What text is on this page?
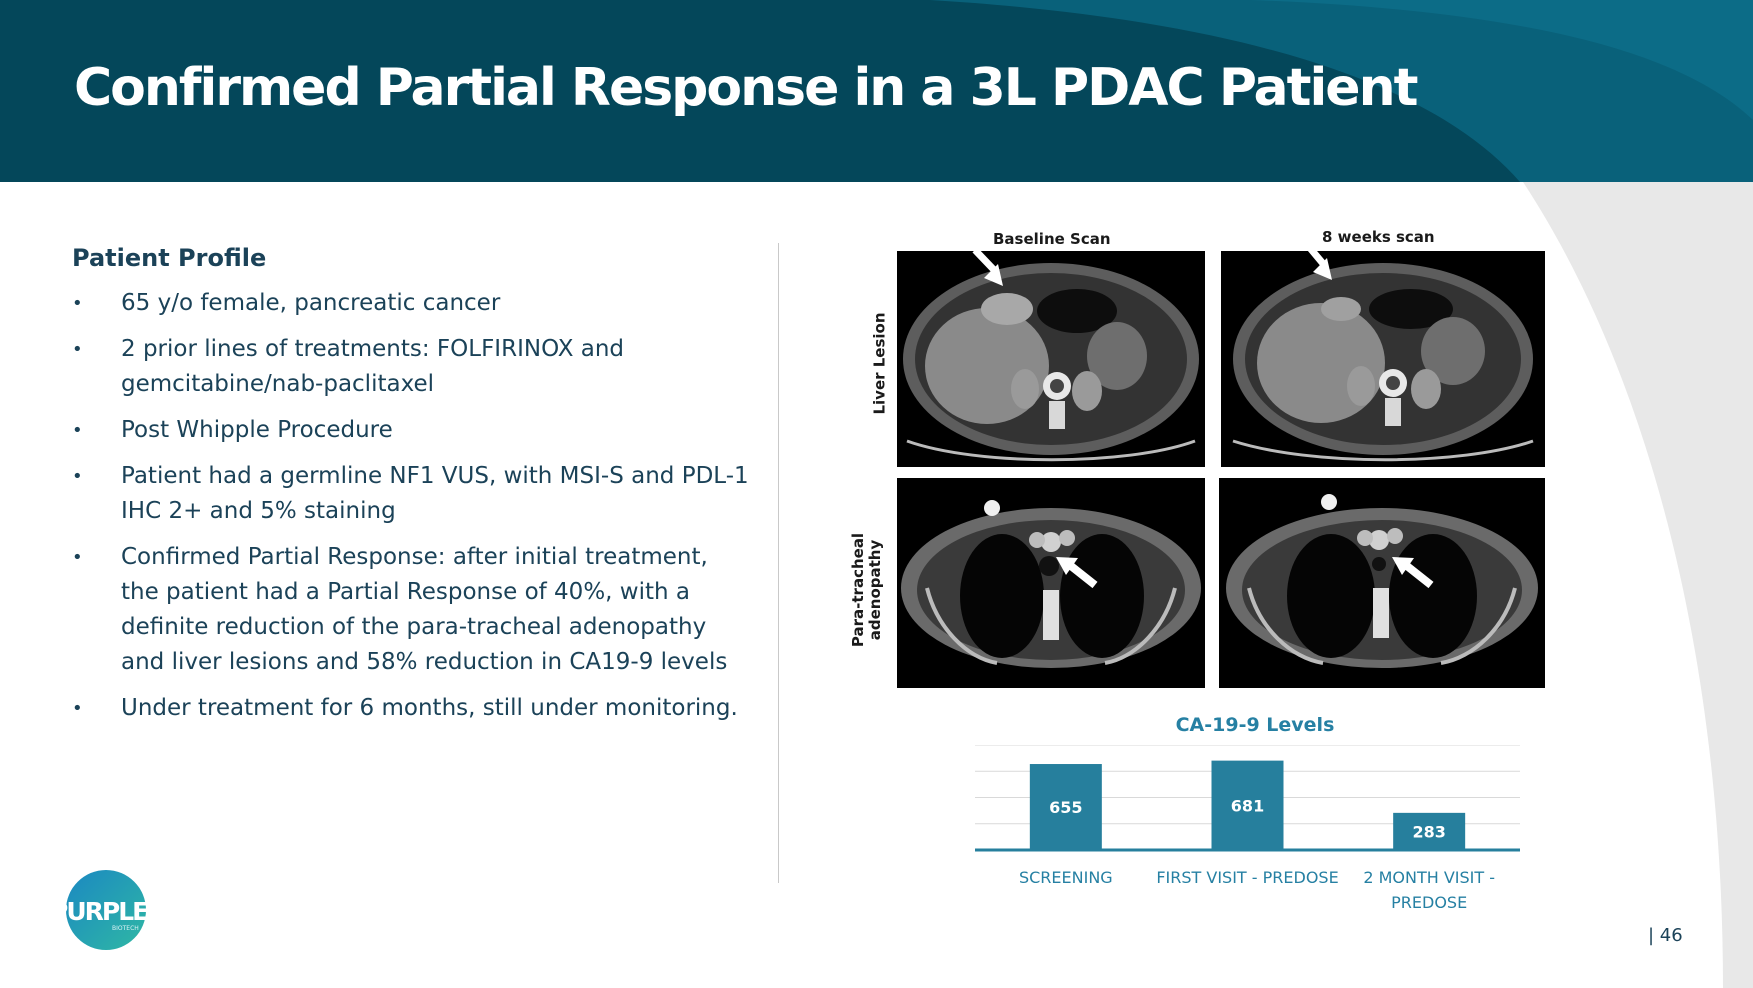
Confirmed Partial Response in a 3L PDAC Patient
Patient Profile
• 65 y/o female, pancreatic cancer
• 2 prior lines of treatments: FOLFIRINOX and gemcitabine/nab-paclitaxel
• Post Whipple Procedure
• Patient had a germline NF1 VUS, with MSI-S and PDL-1 IHC 2+ and 5% staining
• Confirmed Partial Response: after initial treatment, the patient had a Partial Response of 40%, with a definite reduction of the para-tracheal adenopathy and liver lesions and 58% reduction in CA19-9 levels
• Under treatment for 6 months, still under monitoring.
Baseline Scan	8 weeks scan
Liver Lesion
Para-tracheal
adenopathy
CA-19-9 Levels
655
SCREENING
681
FIRST VISIT - PREDOSE
283
2 MONTH VISIT -
PREDOSE
PURPLE
BIOTECH	| 46
